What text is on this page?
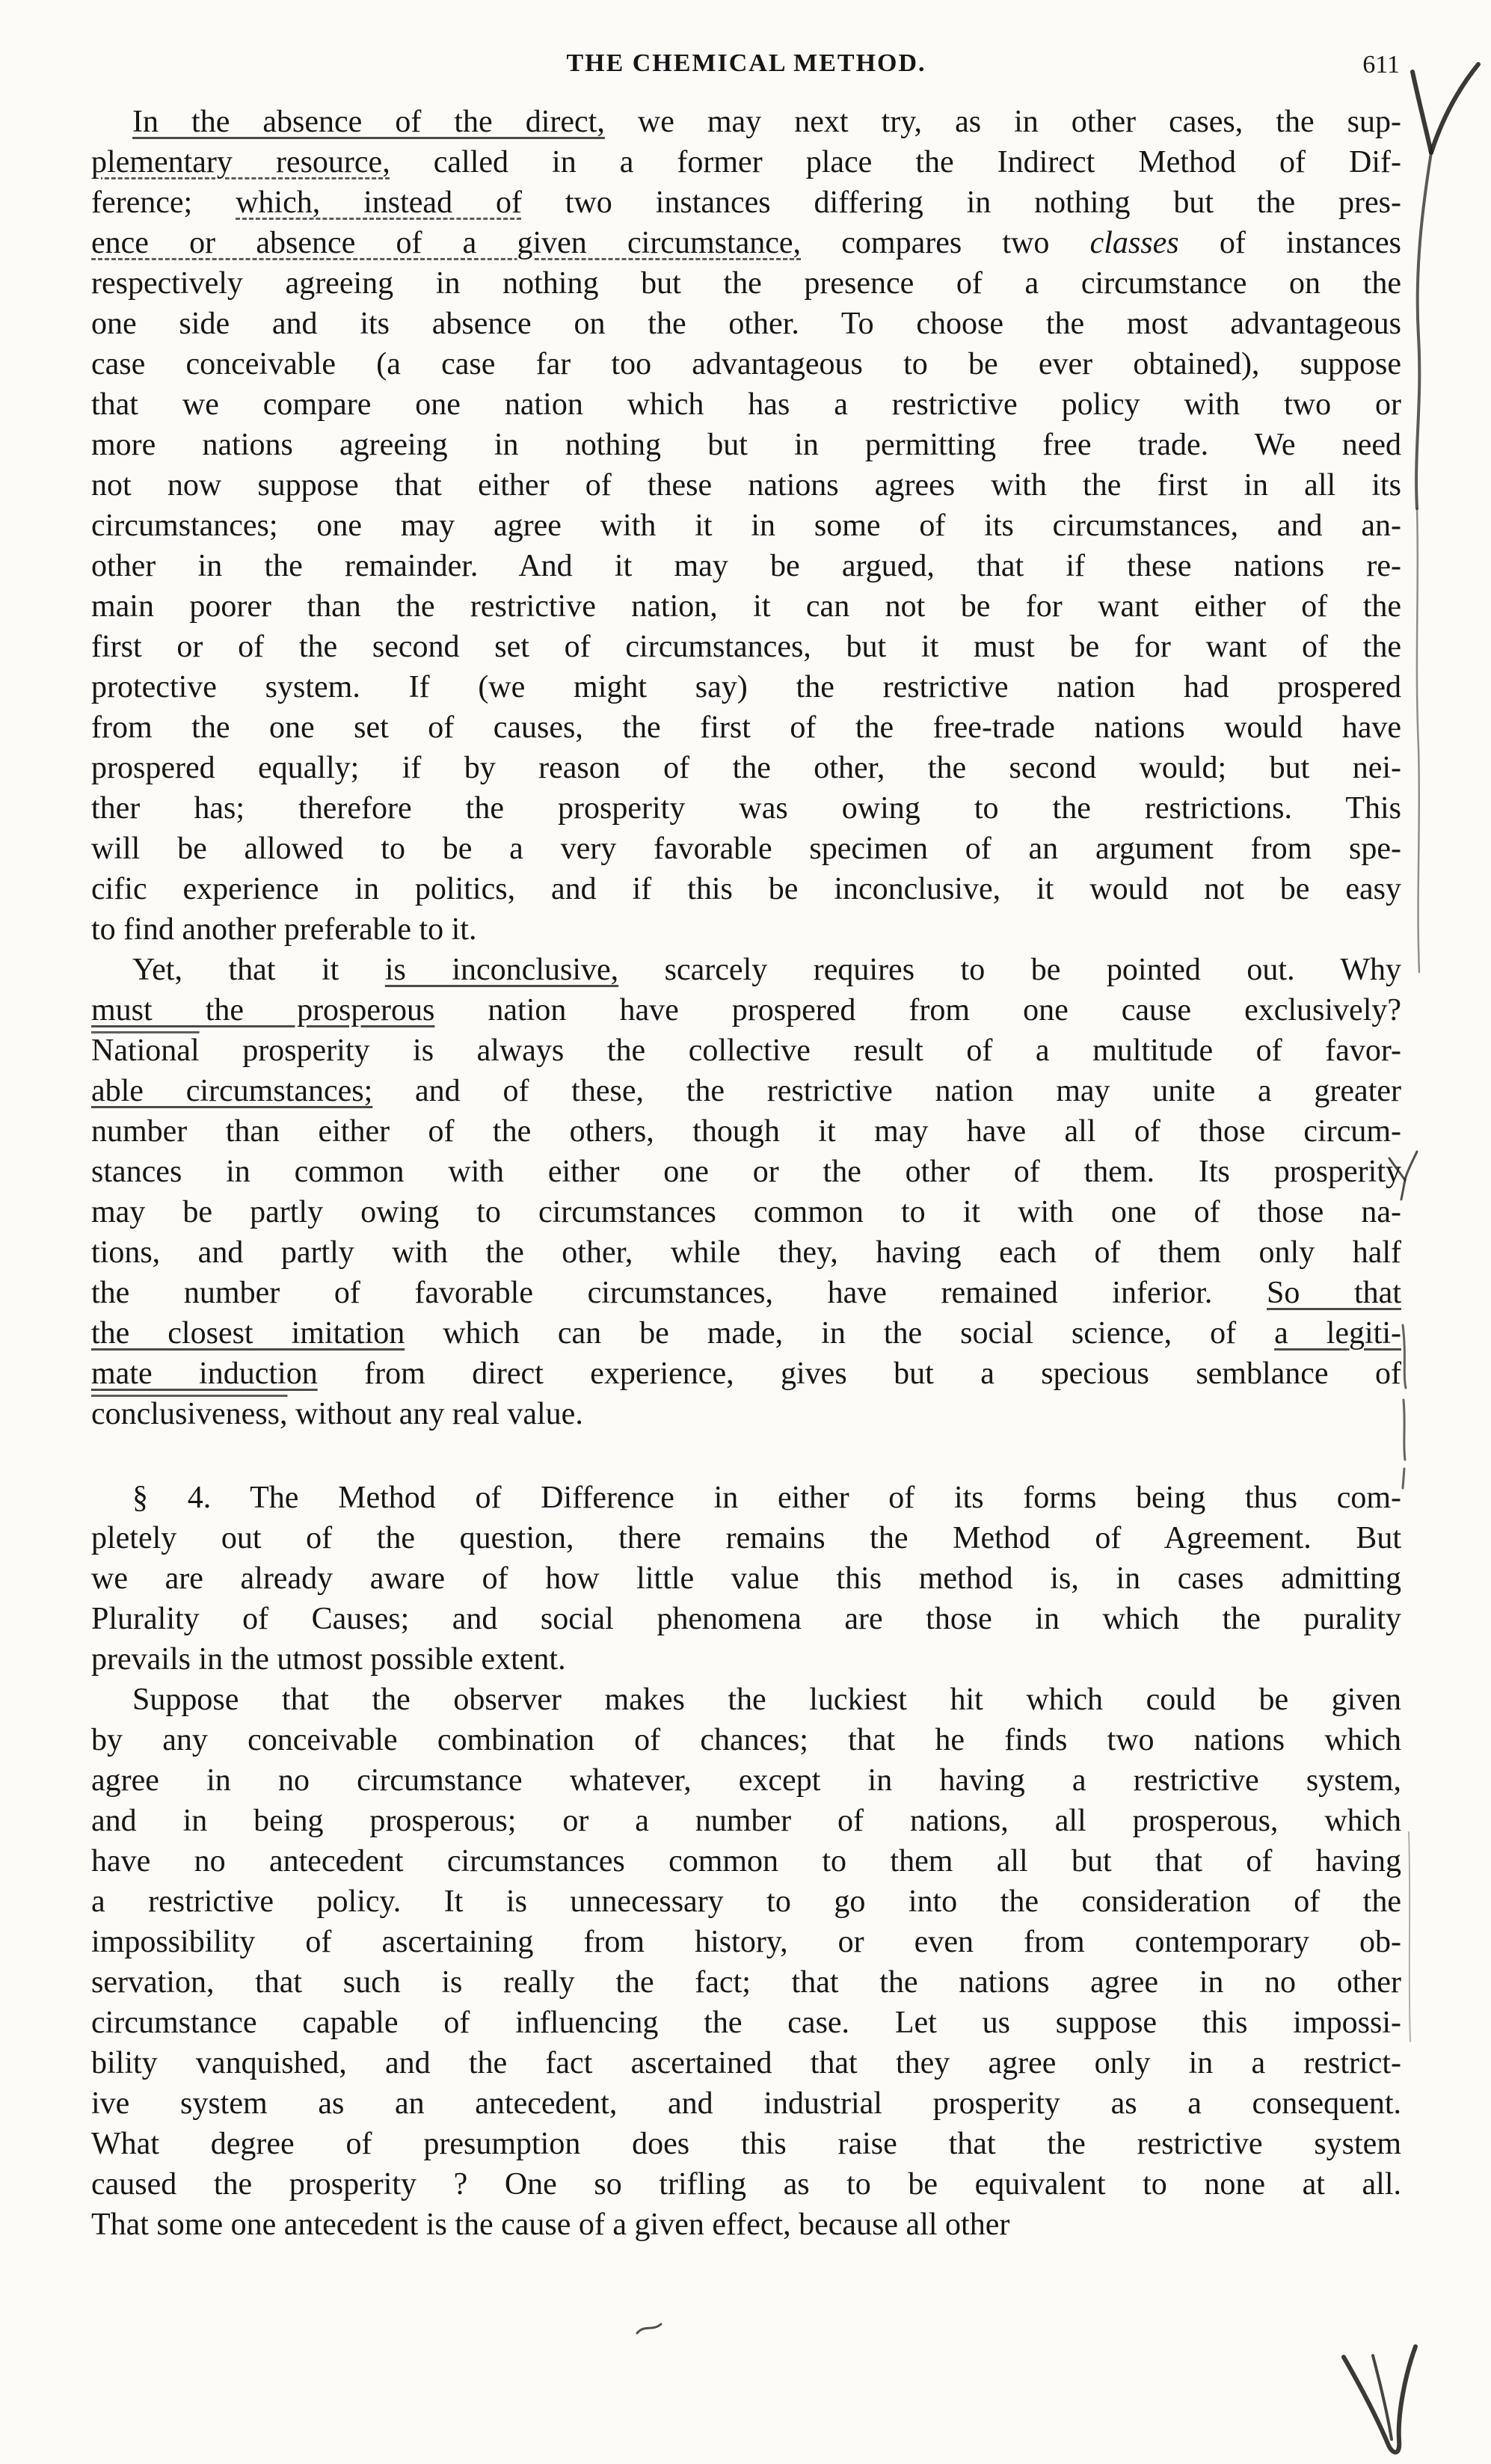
THE CHEMICAL METHOD.	611
In the absence of the direct, we may next try, as in other cases, the sup-
plementary resource, called in a former place the Indirect Method of Dif-
ference; which, instead of two instances differing in nothing but the pres-
ence or absence of a given circumstance, compares two classes of instances
respectively agreeing in nothing but the presence of a circumstance on the
one side and its absence on the other. To choose the most advantageous
case conceivable (a case far too advantageous to be ever obtained), suppose
that we compare one nation which has a restrictive policy with two or
more nations agreeing in nothing but in permitting free trade. We need
not now suppose that either of these nations agrees with the first in all its
circumstances; one may agree with it in some of its circumstances, and an-
other in the remainder. And it may be argued, that if these nations re-
main poorer than the restrictive nation, it can not be for want either of the
first or of the second set of circumstances, but it must be for want of the
protective system. If (we might say) the restrictive nation had prospered
from the one set of causes, the first of the free-trade nations would have
prospered equally; if by reason of the other, the second would; but nei-
ther has; therefore the prosperity was owing to the restrictions. This
will be allowed to be a very favorable specimen of an argument from spe-
cific experience in politics, and if this be inconclusive, it would not be easy
to find another preferable to it.
Yet, that it is inconclusive, scarcely requires to be pointed out. Why
must the prosperous nation have prospered from one cause exclusively?
National prosperity is always the collective result of a multitude of favor-
able circumstances; and of these, the restrictive nation may unite a greater
number than either of the others, though it may have all of those circum-
stances in common with either one or the other of them. Its prosperity
may be partly owing to circumstances common to it with one of those na-
tions, and partly with the other, while they, having each of them only half
the number of favorable circumstances, have remained inferior. So that
the closest imitation which can be made, in the social science, of a legiti-
mate induction from direct experience, gives but a specious semblance of
conclusiveness, without any real value.
§ 4. The Method of Difference in either of its forms being thus com-
pletely out of the question, there remains the Method of Agreement. But
we are already aware of how little value this method is, in cases admitting
Plurality of Causes; and social phenomena are those in which the purality
prevails in the utmost possible extent.
Suppose that the observer makes the luckiest hit which could be given
by any conceivable combination of chances; that he finds two nations which
agree in no circumstance whatever, except in having a restrictive system,
and in being prosperous; or a number of nations, all prosperous, which
have no antecedent circumstances common to them all but that of having
a restrictive policy. It is unnecessary to go into the consideration of the
impossibility of ascertaining from history, or even from contemporary ob-
servation, that such is really the fact; that the nations agree in no other
circumstance capable of influencing the case. Let us suppose this impossi-
bility vanquished, and the fact ascertained that they agree only in a restrict-
ive system as an antecedent, and industrial prosperity as a consequent.
What degree of presumption does this raise that the restrictive system
caused the prosperity ? One so trifling as to be equivalent to none at all.
That some one antecedent is the cause of a given effect, because all other
